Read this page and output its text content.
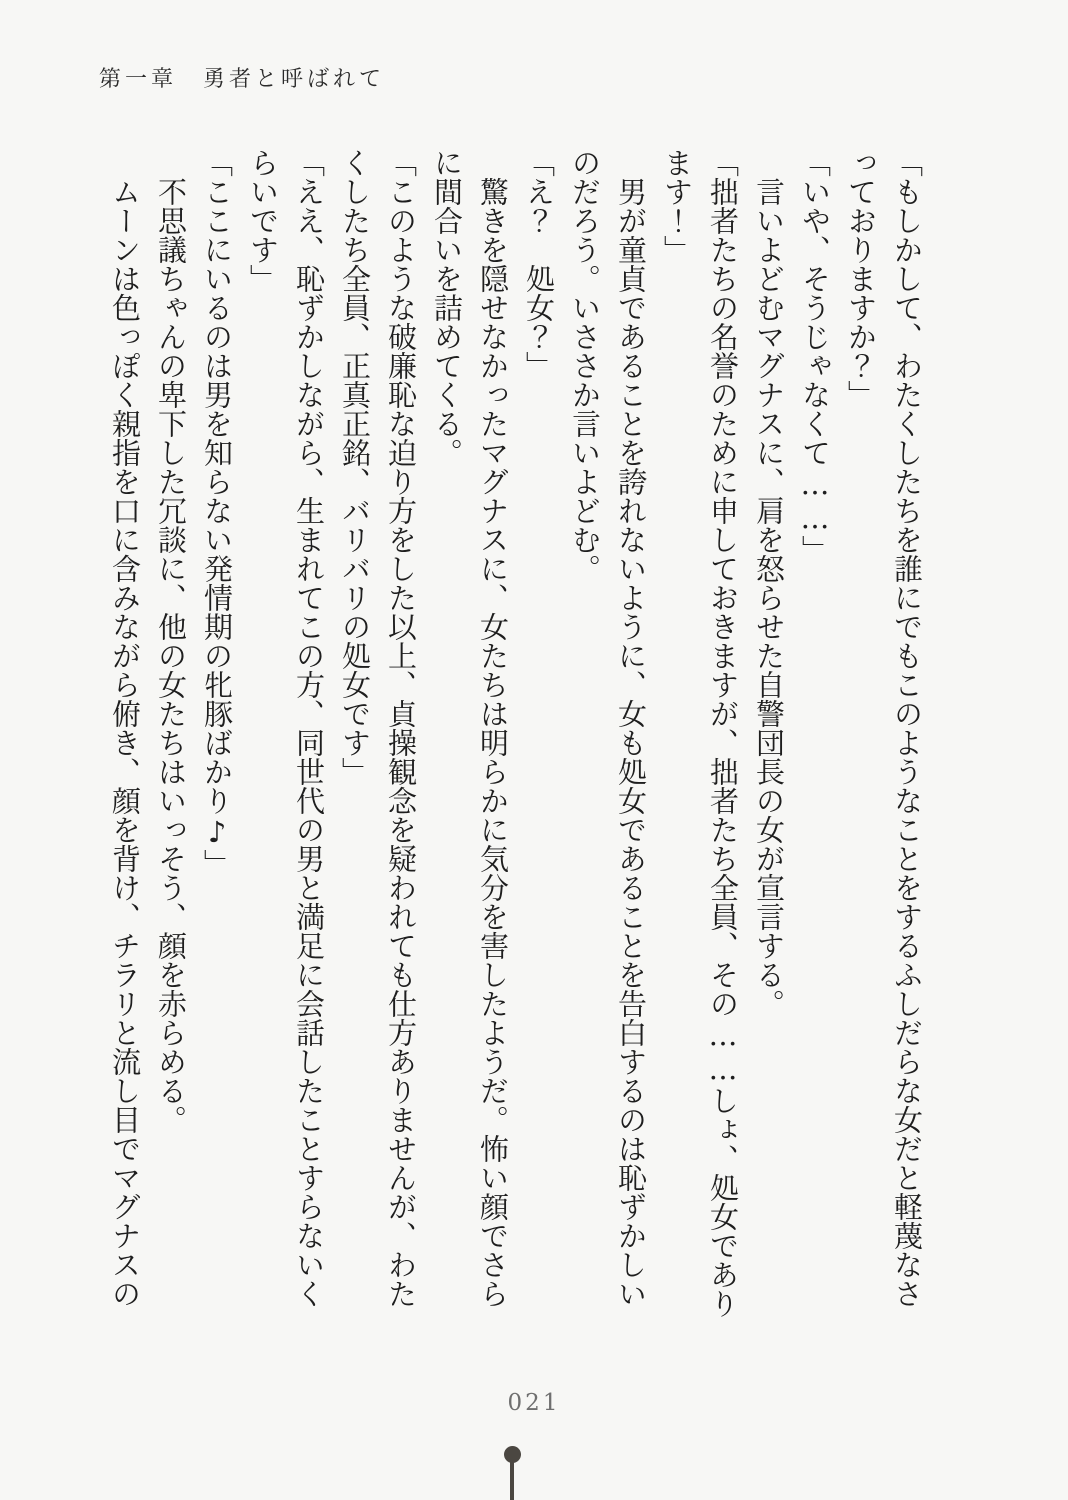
第一章　勇者と呼ばれて

「もしかして、わたくしたちを誰にでもこのようなことをするふしだらな女だと軽蔑なさっておりますか？」

「いや、そうじゃなくて……」

　言いよどむマグナスに、肩を怒らせた自警団長の女が宣言する。

「拙者たちの名誉のために申しておきますが、拙者たち全員、その……しょ、処女であります！」

　男が童貞であることを誇れないように、女も処女であることを告白するのは恥ずかしいのだろう。いささか言いよどむ。

「え？　処女？」

　驚きを隠せなかったマグナスに、女たちは明らかに気分を害したようだ。怖い顔でさらに間合いを詰めてくる。

「このような破廉恥な迫り方をした以上、貞操観念を疑われても仕方ありませんが、わたくしたち全員、正真正銘、バリバリの処女です」

「ええ、恥ずかしながら、生まれてこの方、同世代の男と満足に会話したことすらないくらいです」

「ここにいるのは男を知らない発情期の牝豚ばかり♪」

　不思議ちゃんの卑下した冗談に、他の女たちはいっそう、顔を赤らめる。

　ムーンは色っぽく親指を口に含みながら俯き、顔を背け、チラリと流し目でマグナスの

021
